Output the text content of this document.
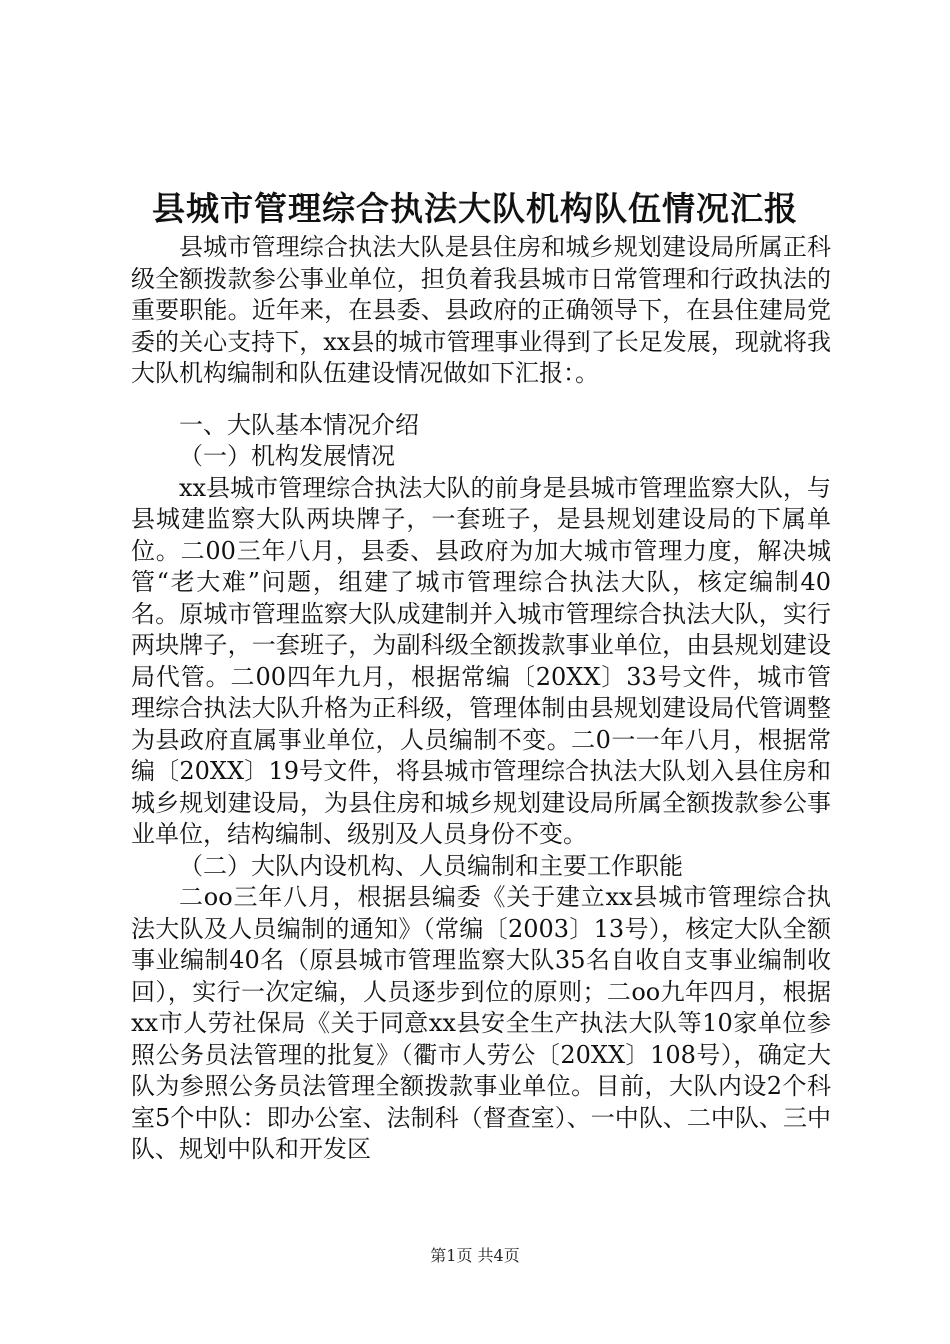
县城市管理综合执法大队机构队伍情况汇报

县城市管理综合执法大队是县住房和城乡规划建设局所属正科级全额拨款参公事业单位，担负着我县城市日常管理和行政执法的重要职能。近年来，在县委、县政府的正确领导下，在县住建局党委的关心支持下，xx县的城市管理事业得到了长足发展，现就将我大队机构编制和队伍建设情况做如下汇报：。

一、大队基本情况介绍

（一）机构发展情况

xx县城市管理综合执法大队的前身是县城市管理监察大队，与县城建监察大队两块牌子，一套班子，是县规划建设局的下属单位。二00三年八月，县委、县政府为加大城市管理力度，解决城管“老大难”问题，组建了城市管理综合执法大队，核定编制40名。原城市管理监察大队成建制并入城市管理综合执法大队，实行两块牌子，一套班子，为副科级全额拨款事业单位，由县规划建设局代管。二00四年九月，根据常编〔20XX〕33号文件，城市管理综合执法大队升格为正科级，管理体制由县规划建设局代管调整为县政府直属事业单位，人员编制不变。二0一一年八月，根据常编〔20XX〕19号文件，将县城市管理综合执法大队划入县住房和城乡规划建设局，为县住房和城乡规划建设局所属全额拨款参公事业单位，结构编制、级别及人员身份不变。

（二）大队内设机构、人员编制和主要工作职能

二oo三年八月，根据县编委《关于建立xx县城市管理综合执法大队及人员编制的通知》（常编〔2003〕13号），核定大队全额事业编制40名（原县城市管理监察大队35名自收自支事业编制收回），实行一次定编，人员逐步到位的原则；二oo九年四月，根据xx市人劳社保局《关于同意xx县安全生产执法大队等10家单位参照公务员法管理的批复》（衢市人劳公〔20XX〕108号），确定大队为参照公务员法管理全额拨款事业单位。目前，大队内设2个科室5个中队：即办公室、法制科（督查室）、一中队、二中队、三中队、规划中队和开发区

第1页 共4页
